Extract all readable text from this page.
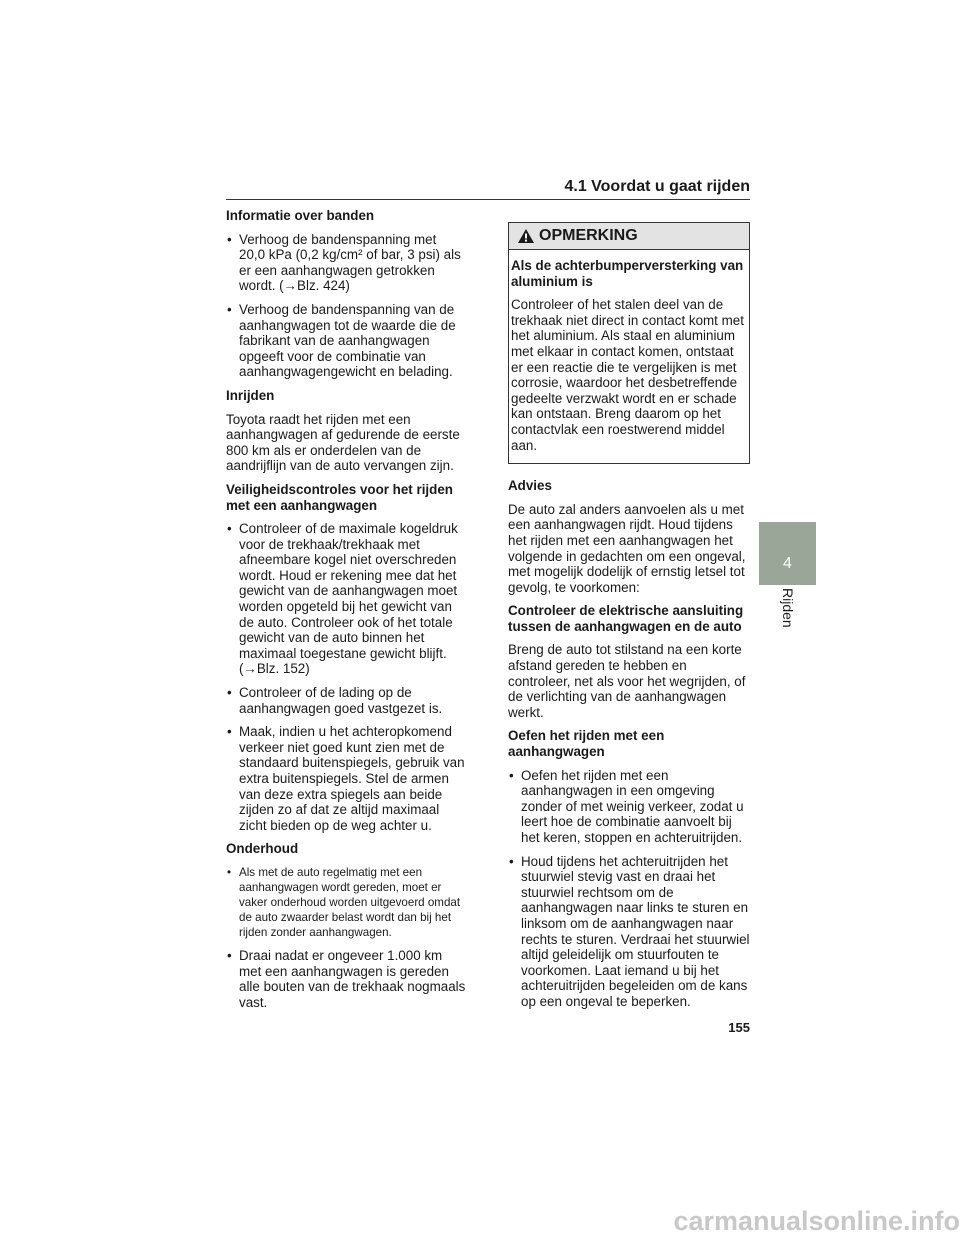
4.1 Voordat u gaat rijden
Informatie over banden
• Verhoog de bandenspanning met 20,0 kPa (0,2 kg/cm² of bar, 3 psi) als er een aanhangwagen getrokken wordt. (→Blz. 424)
• Verhoog de bandenspanning van de aanhangwagen tot de waarde die de fabrikant van de aanhangwagen opgeeft voor de combinatie van aanhangwagengewicht en belading.
Inrijden
Toyota raadt het rijden met een aanhangwagen af gedurende de eerste 800 km als er onderdelen van de aandrijflijn van de auto vervangen zijn.
Veiligheidscontroles voor het rijden met een aanhangwagen
• Controleer of de maximale kogeldruk voor de trekhaak/trekhaak met afneembare kogel niet overschreden wordt. Houd er rekening mee dat het gewicht van de aanhangwagen moet worden opgeteld bij het gewicht van de auto. Controleer ook of het totale gewicht van de auto binnen het maximaal toegestane gewicht blijft. (→Blz. 152)
• Controleer of de lading op de aanhangwagen goed vastgezet is.
• Maak, indien u het achteropkomend verkeer niet goed kunt zien met de standaard buitenspiegels, gebruik van extra buitenspiegels. Stel de armen van deze extra spiegels aan beide zijden zo af dat ze altijd maximaal zicht bieden op de weg achter u.
Onderhoud
• Als met de auto regelmatig met een aanhangwagen wordt gereden, moet er vaker onderhoud worden uitgevoerd omdat de auto zwaarder belast wordt dan bij het rijden zonder aanhangwagen.
• Draai nadat er ongeveer 1.000 km met een aanhangwagen is gereden alle bouten van de trekhaak nogmaals vast.
OPMERKING
Als de achterbumperversterking van aluminium is
Controleer of het stalen deel van de trekhaak niet direct in contact komt met het aluminium. Als staal en aluminium met elkaar in contact komen, ontstaat er een reactie die te vergelijken is met corrosie, waardoor het desbetreffende gedeelte verzwakt wordt en er schade kan ontstaan. Breng daarom op het contactvlak een roestwerend middel aan.
Advies
De auto zal anders aanvoelen als u met een aanhangwagen rijdt. Houd tijdens het rijden met een aanhangwagen het volgende in gedachten om een ongeval, met mogelijk dodelijk of ernstig letsel tot gevolg, te voorkomen:
Controleer de elektrische aansluiting tussen de aanhangwagen en de auto
Breng de auto tot stilstand na een korte afstand gereden te hebben en controleer, net als voor het wegrijden, of de verlichting van de aanhangwagen werkt.
Oefen het rijden met een aanhangwagen
• Oefen het rijden met een aanhangwagen in een omgeving zonder of met weinig verkeer, zodat u leert hoe de combinatie aanvoelt bij het keren, stoppen en achteruitrijden.
• Houd tijdens het achteruitrijden het stuurwiel stevig vast en draai het stuurwiel rechtsom om de aanhangwagen naar links te sturen en linksom om de aanhangwagen naar rechts te sturen. Verdraai het stuurwiel altijd geleidelijk om stuurfouten te voorkomen. Laat iemand u bij het achteruitrijden begeleiden om de kans op een ongeval te beperken.
4
Rijden
155
carmanualsonline.info
